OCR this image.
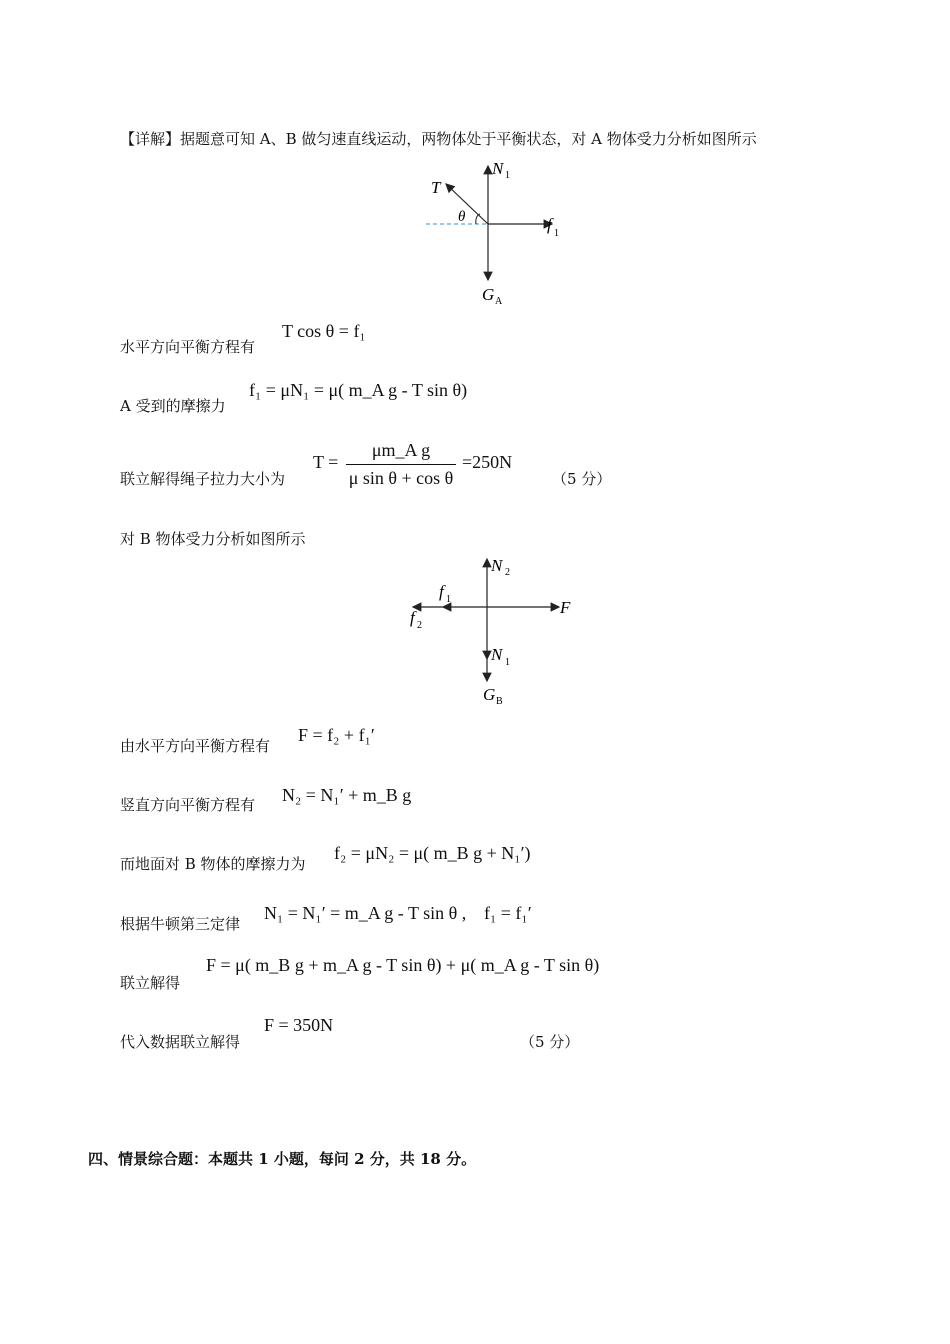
【详解】据题意可知 A、B 做匀速直线运动，两物体处于平衡状态，对 A 物体受力分析如图所示
N 1
T
θ	f 1
G A
水平方向平衡方程有
T cos θ = f₁
A 受到的摩擦力
f₁ = μN₁ = μ( m_A g - T sin θ)
联立解得绳子拉力大小为
T =
μm_A g
μ sin θ + cos θ
=250N
（5 分）
对 B 物体受力分析如图所示
N 2
f 1
f 2
F
N 1
G B
由水平方向平衡方程有
F = f₂ + f₁′
竖直方向平衡方程有 N₂ = N₁′ + m_B g
而地面对 B 物体的摩擦力为
f₂ = μN₂ = μ( m_B g + N₁′)
根据牛顿第三定律
N₁ = N₁′ = m_A g - T sin θ , f₁ = f₁′
联立解得
F = μ( m_B g + m_A g - T sin θ) + μ( m_A g - T sin θ)
代入数据联立解得
F = 350N
（5 分）
四、情景综合题：本题共 1 小题，每问 2 分，共 18 分。
